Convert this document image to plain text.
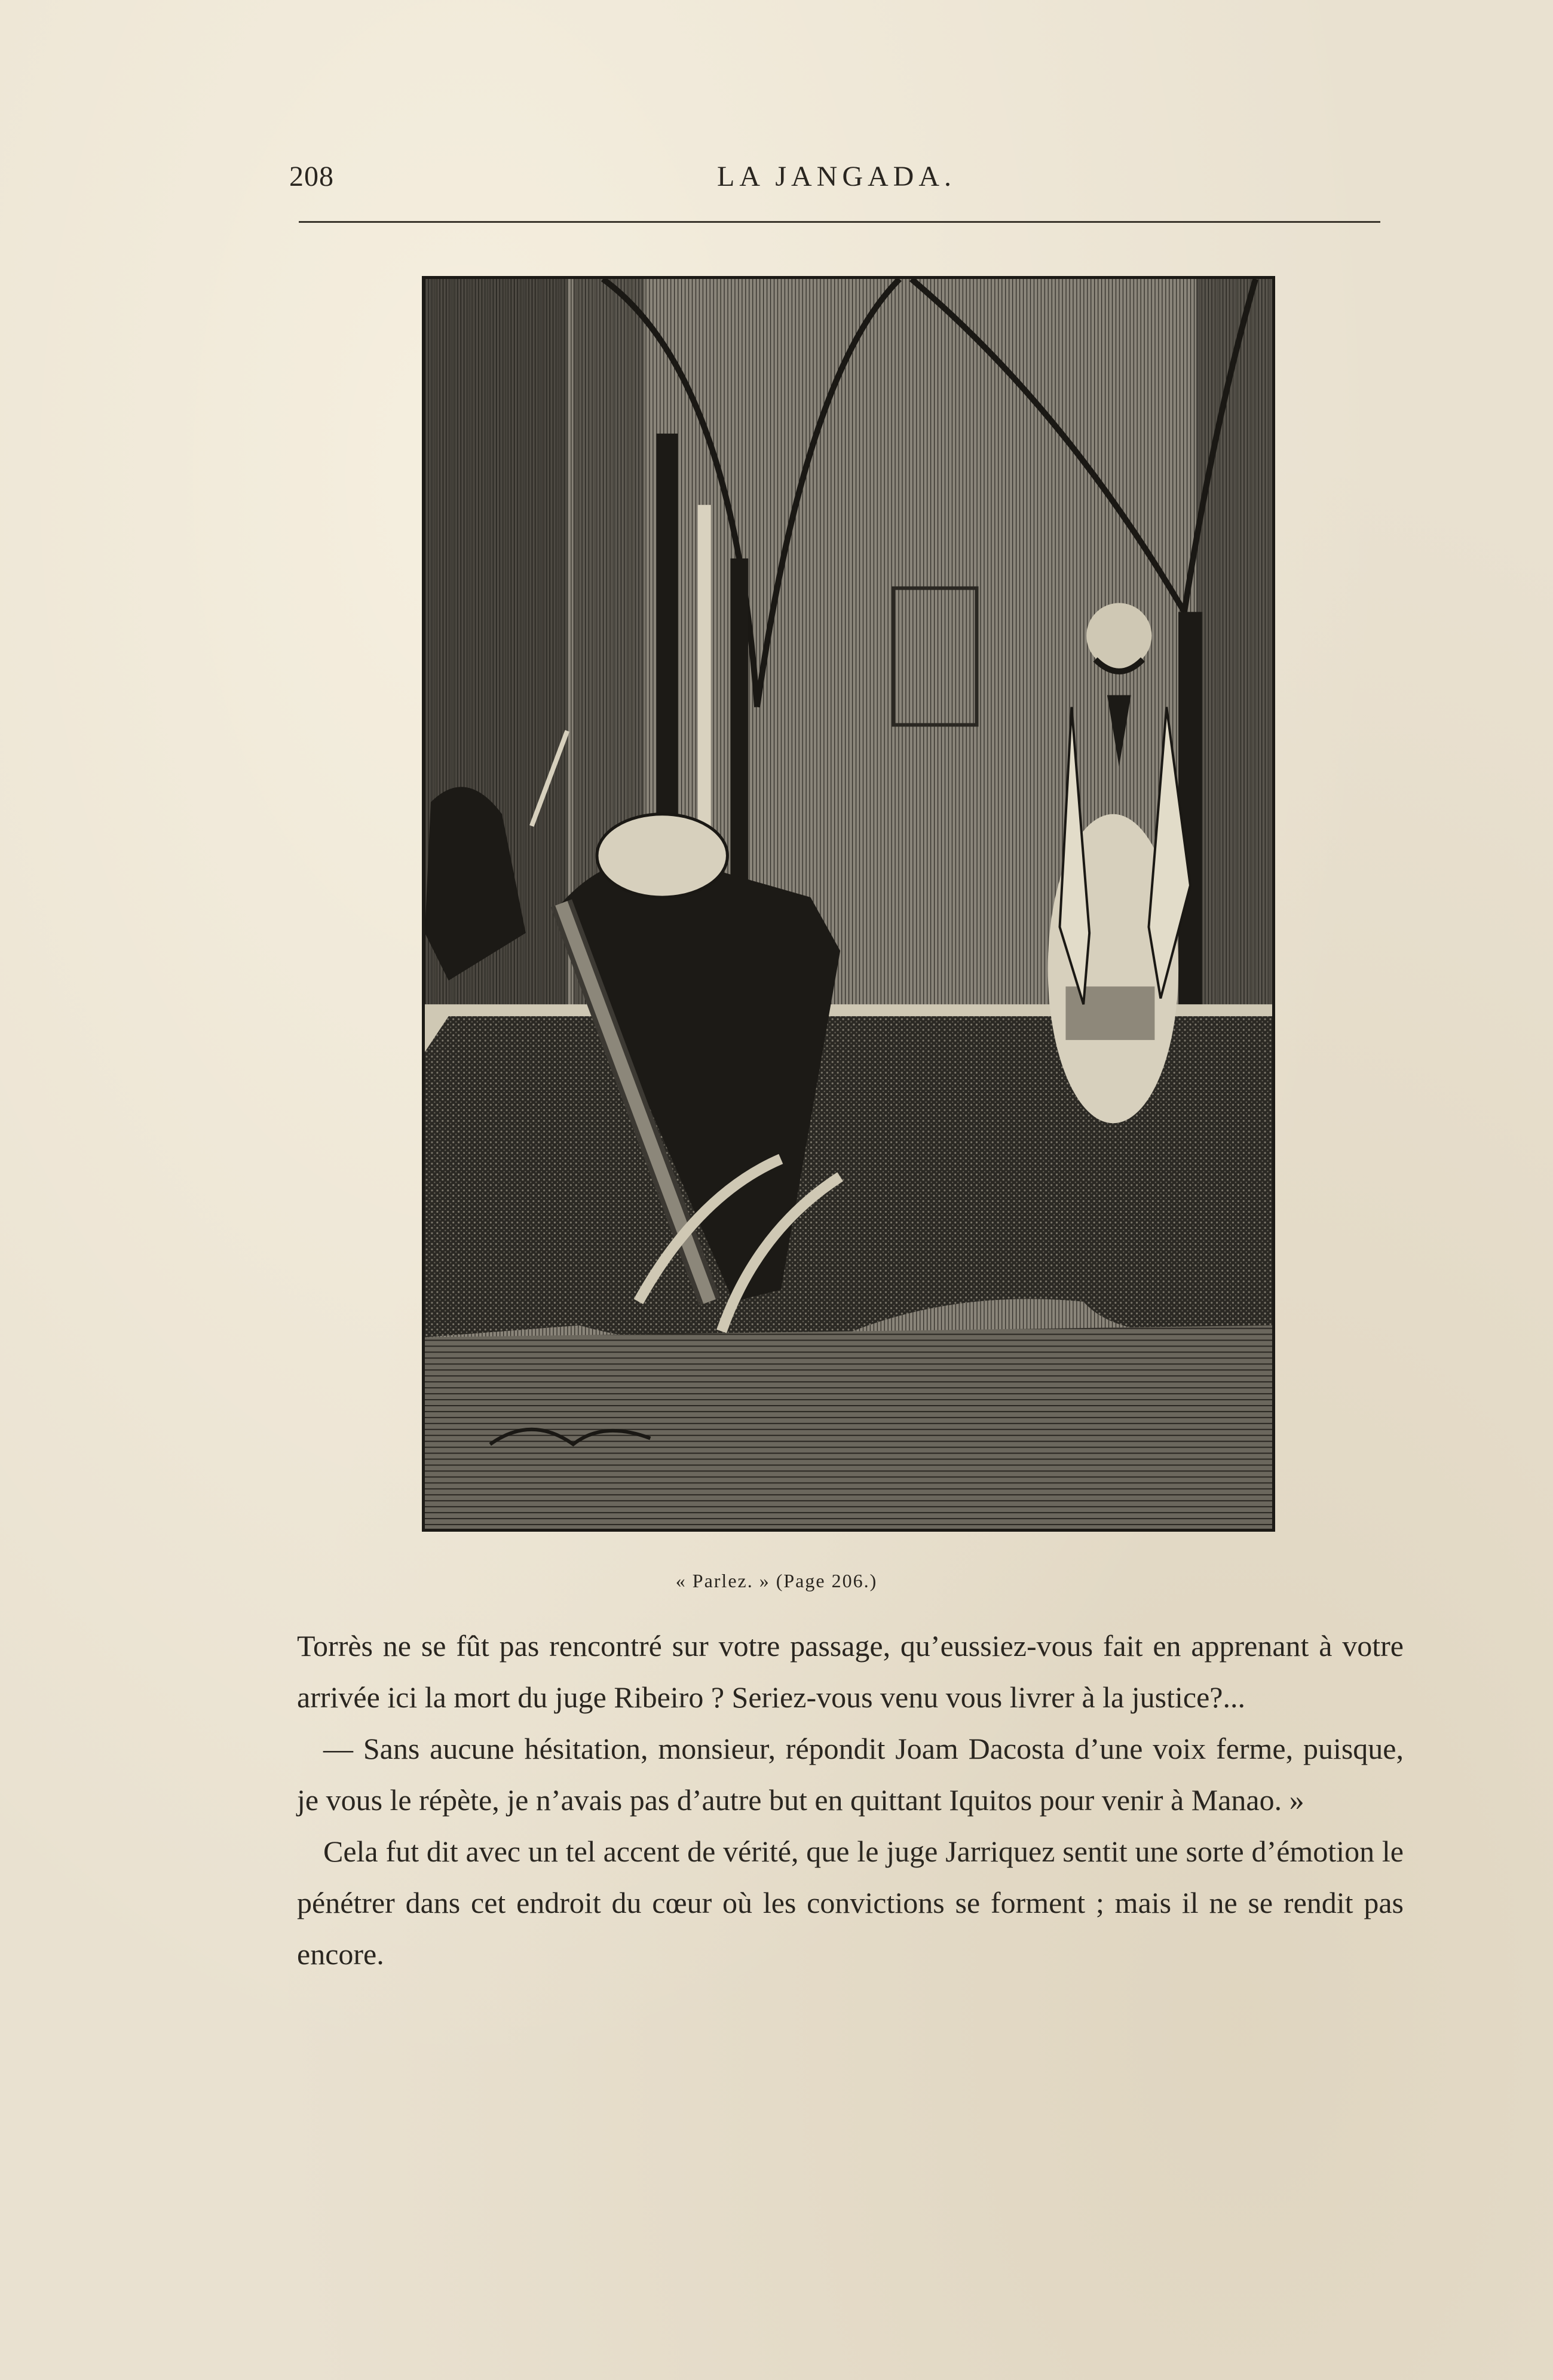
208	LA JANGADA.
« Parlez. » (Page 206.)

Torrès ne se fût pas rencontré sur votre passage, qu’eussiez-vous fait en apprenant à votre arrivée ici la mort du juge Ribeiro ? Seriez-vous venu vous livrer à la justice?...

— Sans aucune hésitation, monsieur, répondit Joam Dacosta d’une voix ferme, puisque, je vous le répète, je n’avais pas d’autre but en quittant Iquitos pour venir à Manao. »

Cela fut dit avec un tel accent de vérité, que le juge Jarriquez sentit une sorte d’émotion le pénétrer dans cet endroit du cœur où les convictions se forment ; mais il ne se rendit pas encore.
